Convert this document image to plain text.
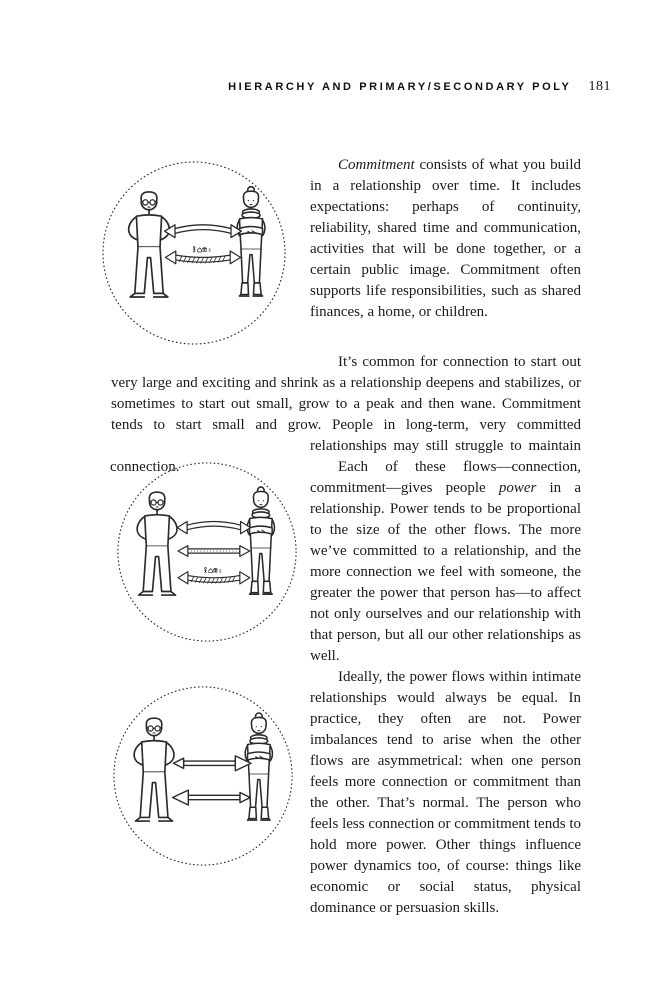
HIERARCHY AND PRIMARY/SECONDARY POLY 181

Commitment consists of what you build in a relationship over time. It includes expectations: perhaps of continuity, reliability, shared time and communication, activities that will be done together, or a certain public image. Commitment often supports life responsibilities, such as shared finances, a home, or children.

It’s common for connection to start out very large and exciting and shrink as a relationship deepens and stabilizes, or sometimes to start out small, grow to a peak and then wane. Commitment tends to start small and grow. People in long-term, very committed relationships may still struggle to maintain connection.	Each of these flows—connection, commitment—gives people power in a relationship. Power tends to be proportional to the size of the other flows. The more we’ve committed to a relationship, and the more connection we feel with someone, the greater the power that person has—to affect not only ourselves and our relationship with that person, but all our other relationships as well.

Ideally, the power flows within intimate relationships would always be equal. In practice, they often are not. Power imbalances tend to arise when the other flows are asymmetrical: when one person feels more connection or commitment than the other. That’s normal. The person who feels less connection or commitment tends to hold more power. Other things influence power dynamics too, of course: things like economic or social status, physical dominance or persuasion skills.
